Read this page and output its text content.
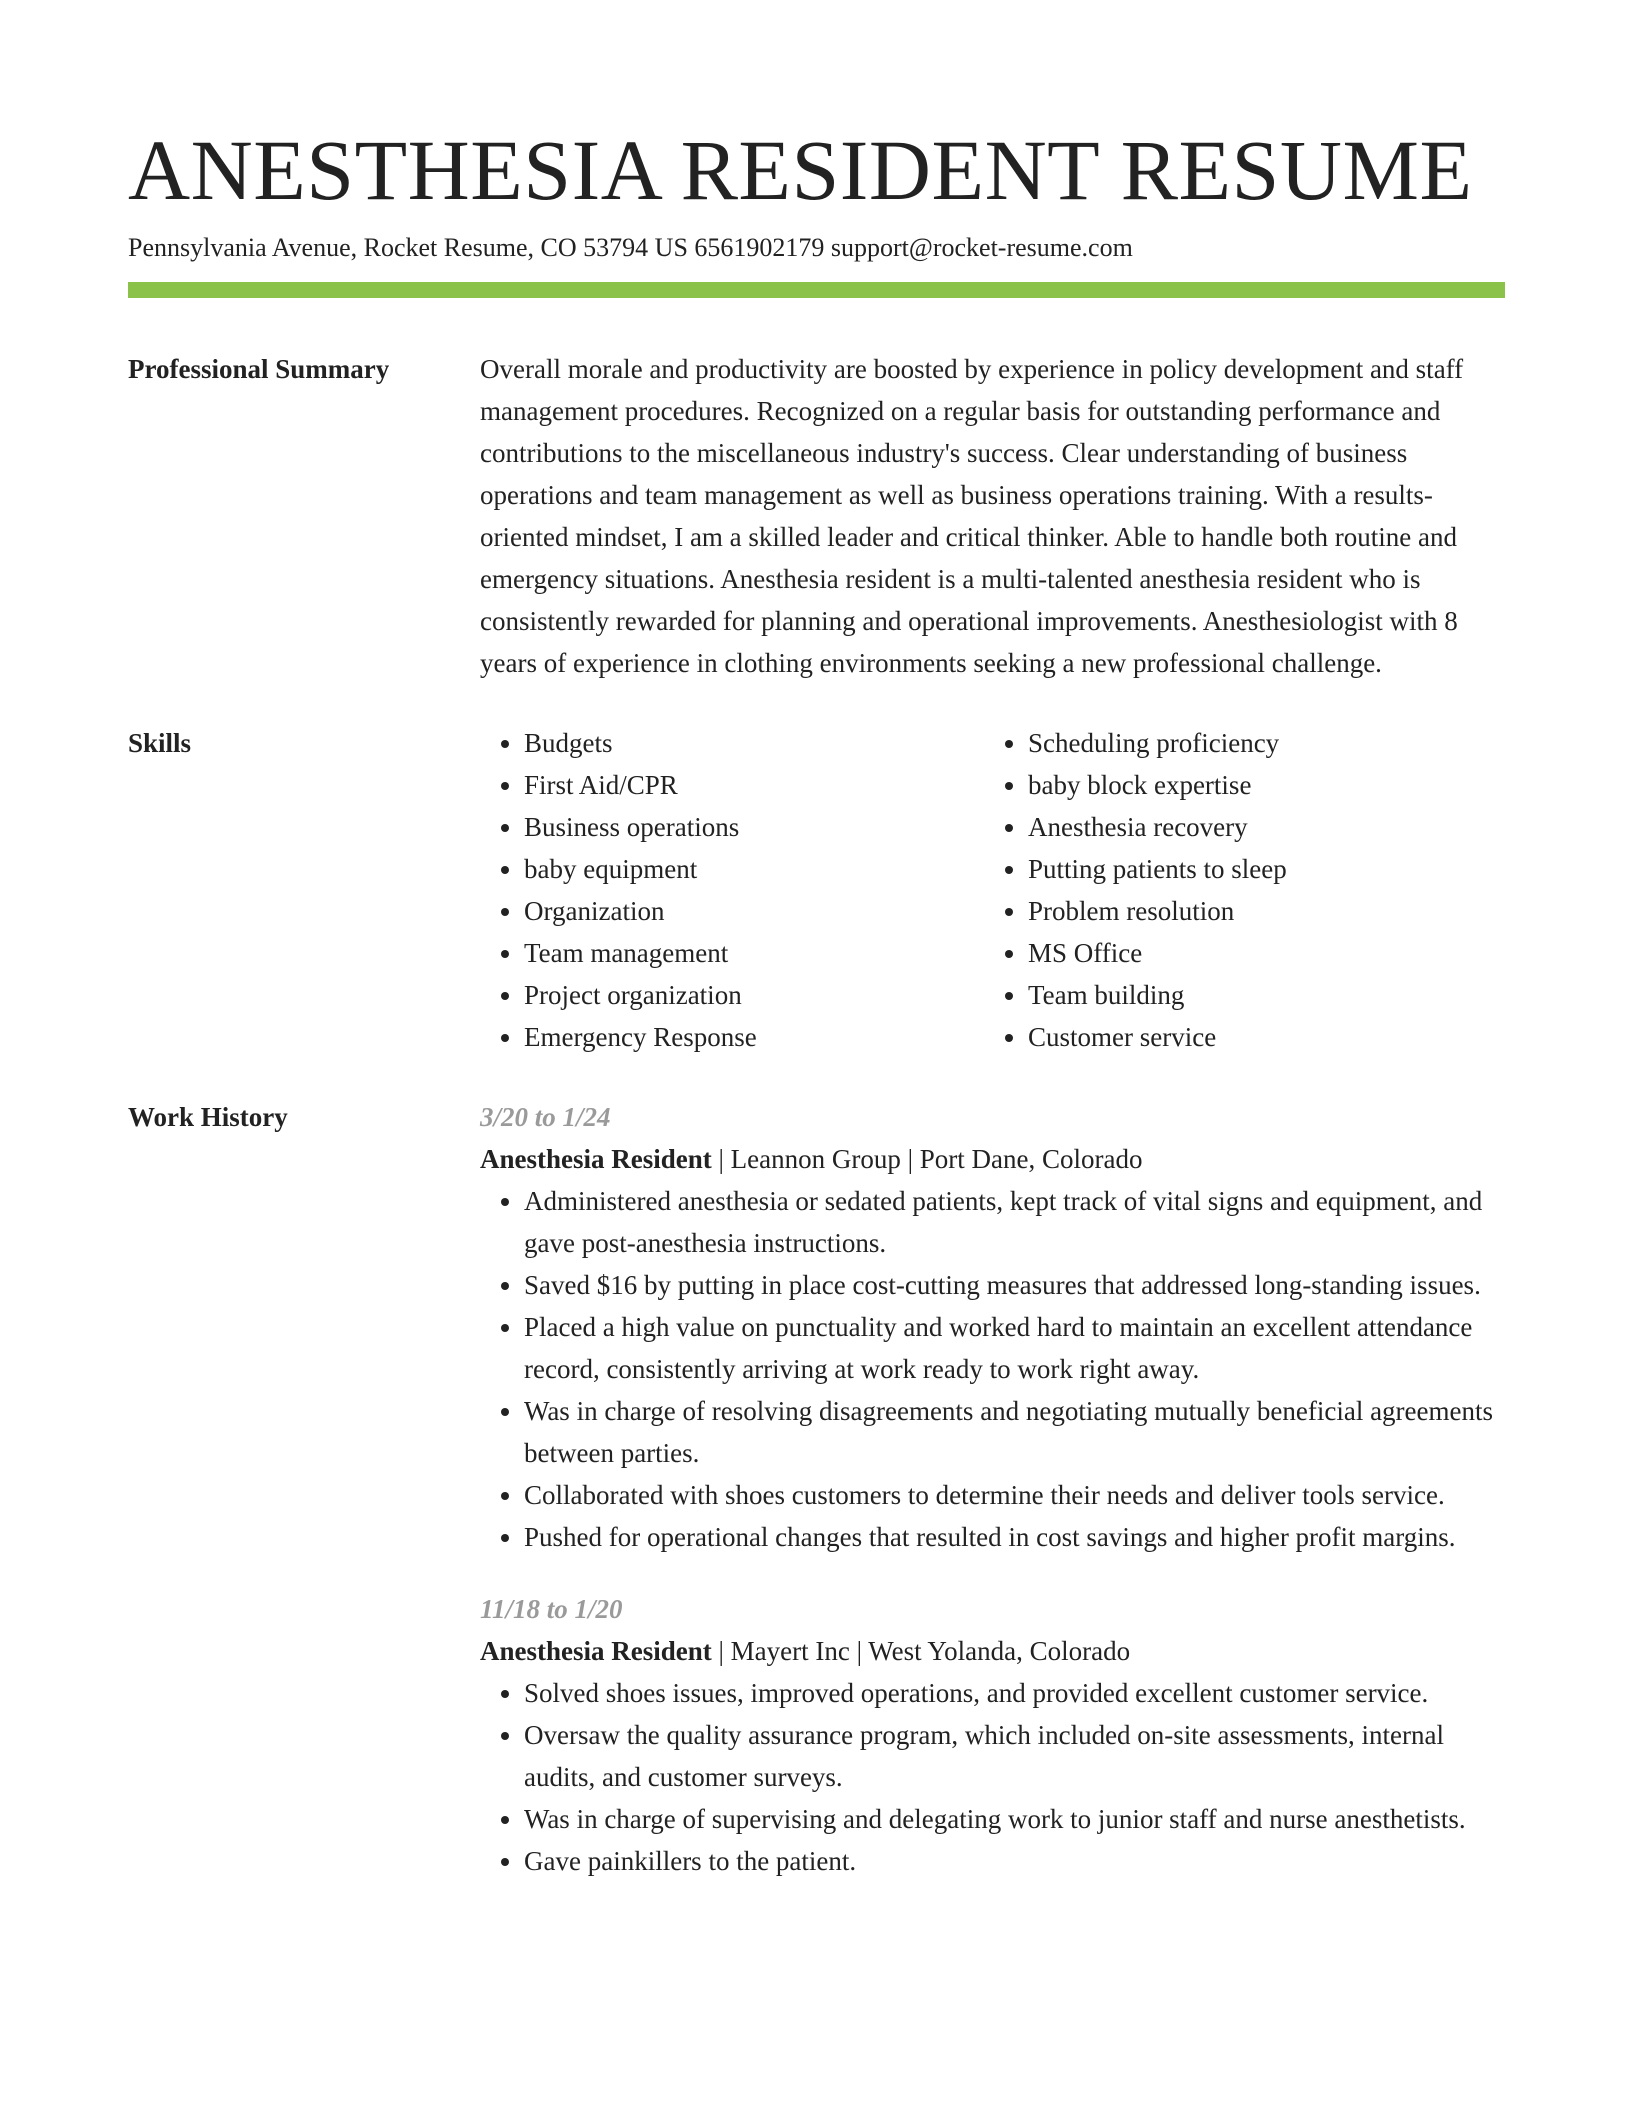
ANESTHESIA RESIDENT RESUME
Pennsylvania Avenue, Rocket Resume, CO 53794 US 6561902179 support@rocket-resume.com
Professional Summary	Overall morale and productivity are boosted by experience in policy development and staff management procedures. Recognized on a regular basis for outstanding performance and contributions to the miscellaneous industry's success. Clear understanding of business operations and team management as well as business operations training. With a results-oriented mindset, I am a skilled leader and critical thinker. Able to handle both routine and emergency situations. Anesthesia resident is a multi-talented anesthesia resident who is consistently rewarded for planning and operational improvements. Anesthesiologist with 8 years of experience in clothing environments seeking a new professional challenge.

Skills
•	Budgets
• First Aid/CPR
• Business operations
• baby equipment
• Organization
• Team management
• Project organization
• Emergency Response
• Scheduling proficiency
• baby block expertise
• Anesthesia recovery
• Putting patients to sleep
• Problem resolution
• MS Office
• Team building
• Customer service
Work History	3/20 to 1/24
Anesthesia Resident | Leannon Group | Port Dane, Colorado
• Administered anesthesia or sedated patients, kept track of vital signs and equipment, and gave post-anesthesia instructions.
• Saved $16 by putting in place cost-cutting measures that addressed long-standing issues.
• Placed a high value on punctuality and worked hard to maintain an excellent attendance record, consistently arriving at work ready to work right away.
• Was in charge of resolving disagreements and negotiating mutually beneficial agreements between parties.
• Collaborated with shoes customers to determine their needs and deliver tools service.
• Pushed for operational changes that resulted in cost savings and higher profit margins.
11/18 to 1/20
Anesthesia Resident | Mayert Inc | West Yolanda, Colorado
• Solved shoes issues, improved operations, and provided excellent customer service.
• Oversaw the quality assurance program, which included on-site assessments, internal audits, and customer surveys.
• Was in charge of supervising and delegating work to junior staff and nurse anesthetists.
• Gave painkillers to the patient.
